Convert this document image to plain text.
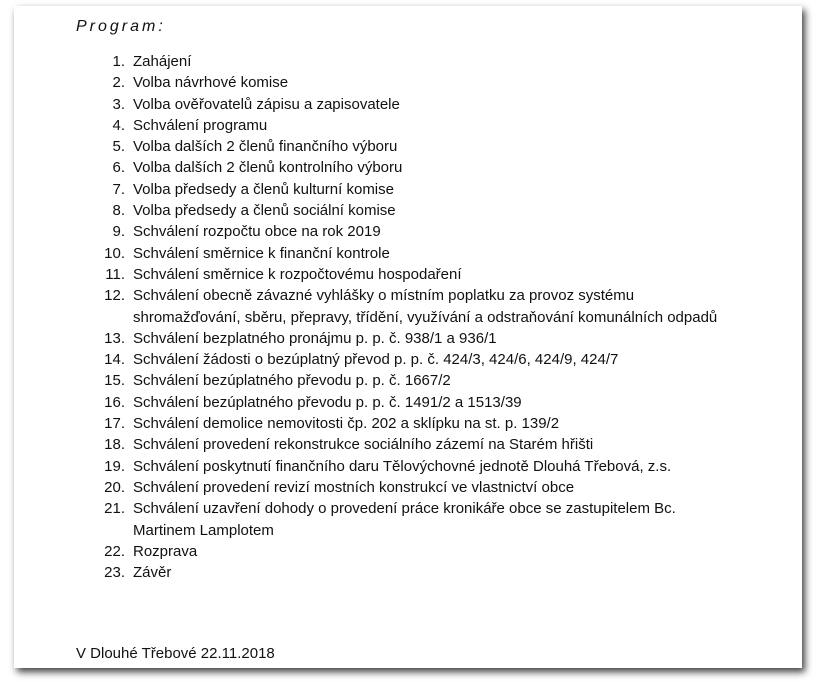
Program:
1. Zahájení
2. Volba návrhové komise
3. Volba ověřovatelů zápisu a zapisovatele
4. Schválení programu
5. Volba dalších 2 členů finančního výboru
6. Volba dalších 2 členů kontrolního výboru
7. Volba předsedy a členů kulturní komise
8. Volba předsedy a členů sociální komise
9. Schválení rozpočtu obce na rok 2019
10. Schválení směrnice k finanční kontrole
11. Schválení směrnice k rozpočtovému hospodaření
12. Schválení obecně závazné vyhlášky o místním poplatku za provoz systému shromažďování, sběru, přepravy, třídění, využívání a odstraňování komunálních odpadů
13. Schválení bezplatného pronájmu p. p. č. 938/1 a 936/1
14. Schválení žádosti o bezúplatný převod p. p. č. 424/3, 424/6, 424/9, 424/7
15. Schválení bezúplatného převodu p. p. č. 1667/2
16. Schválení bezúplatného převodu p. p. č. 1491/2 a 1513/39
17. Schválení demolice nemovitosti čp. 202 a sklípku na st. p. 139/2
18. Schválení provedení rekonstrukce sociálního zázemí na Starém hřišti
19. Schválení poskytnutí finančního daru Tělovýchovné jednotě Dlouhá Třebová, z.s.
20. Schválení provedení revizí mostních konstrukcí ve vlastnictví obce
21. Schválení uzavření dohody o provedení práce kronikáře obce se zastupitelem Bc. Martinem Lamplotem
22. Rozprava
23. Závěr

V Dlouhé Třebové 22.11.2018
